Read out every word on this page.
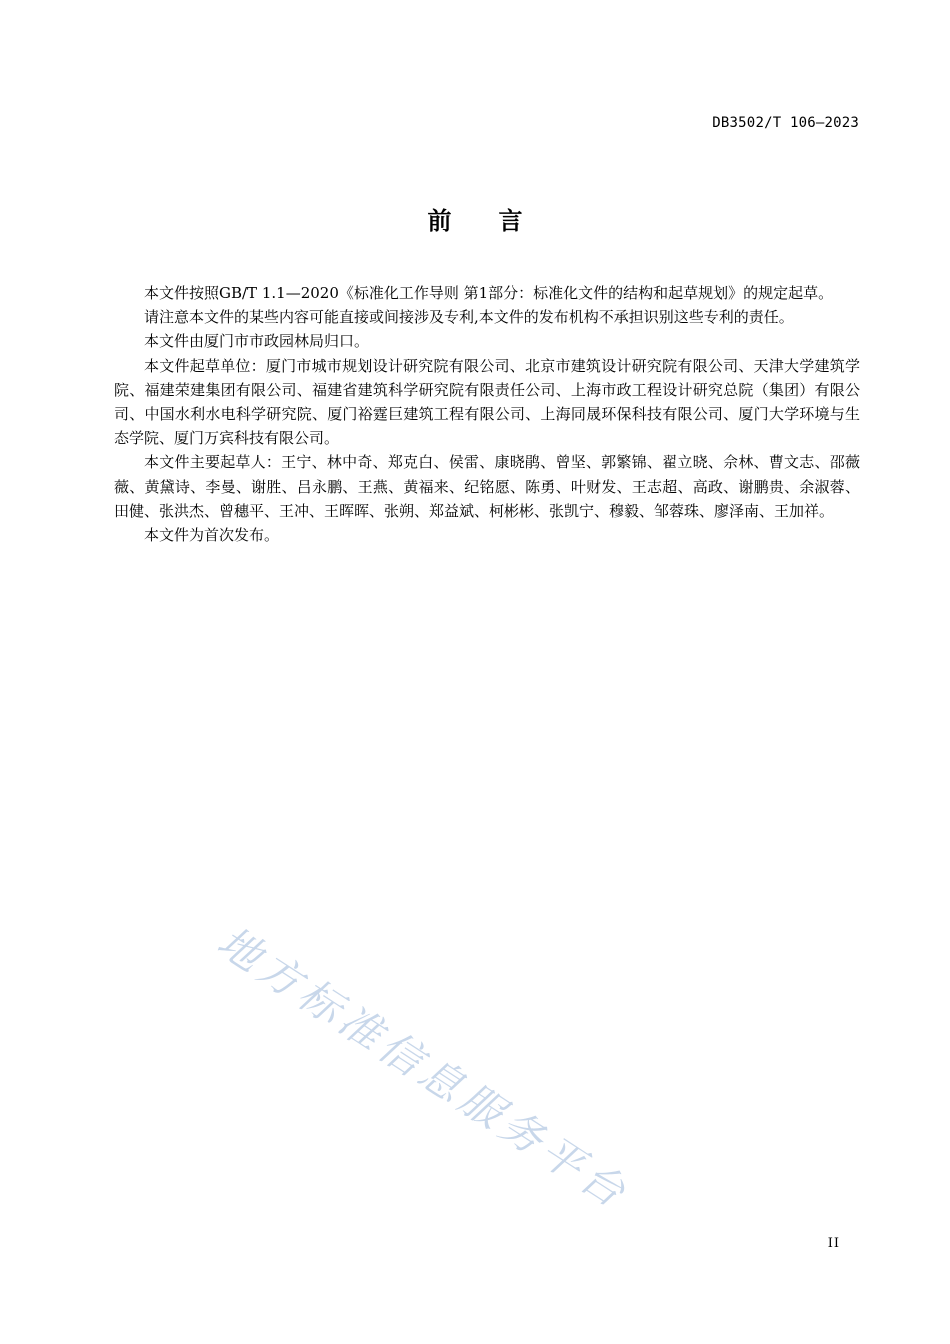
DB3502/T 106—2023
前言

本文件按照GB/T 1.1—2020《标准化工作导则 第1部分：标准化文件的结构和起草规划》的规定起草。

请注意本文件的某些内容可能直接或间接涉及专利,本文件的发布机构不承担识别这些专利的责任。

本文件由厦门市市政园林局归口。

本文件起草单位：厦门市城市规划设计研究院有限公司、北京市建筑设计研究院有限公司、天津大学建筑学院、福建荣建集团有限公司、福建省建筑科学研究院有限责任公司、上海市政工程设计研究总院（集团）有限公司、中国水利水电科学研究院、厦门裕霆巨建筑工程有限公司、上海同晟环保科技有限公司、厦门大学环境与生态学院、厦门万宾科技有限公司。

本文件主要起草人：王宁、林中奇、郑克白、侯雷、康晓鹃、曾坚、郭繁锦、翟立晓、佘林、曹文志、邵薇薇、黄黛诗、李曼、谢胜、吕永鹏、王燕、黄福来、纪铭愿、陈勇、叶财发、王志超、高政、谢鹏贵、余淑蓉、田健、张洪杰、曾穗平、王冲、王晖晖、张朔、郑益斌、柯彬彬、张凯宁、穆毅、邹蓉珠、廖泽南、王加祥。

本文件为首次发布。

地方标准信息服务平台
II
